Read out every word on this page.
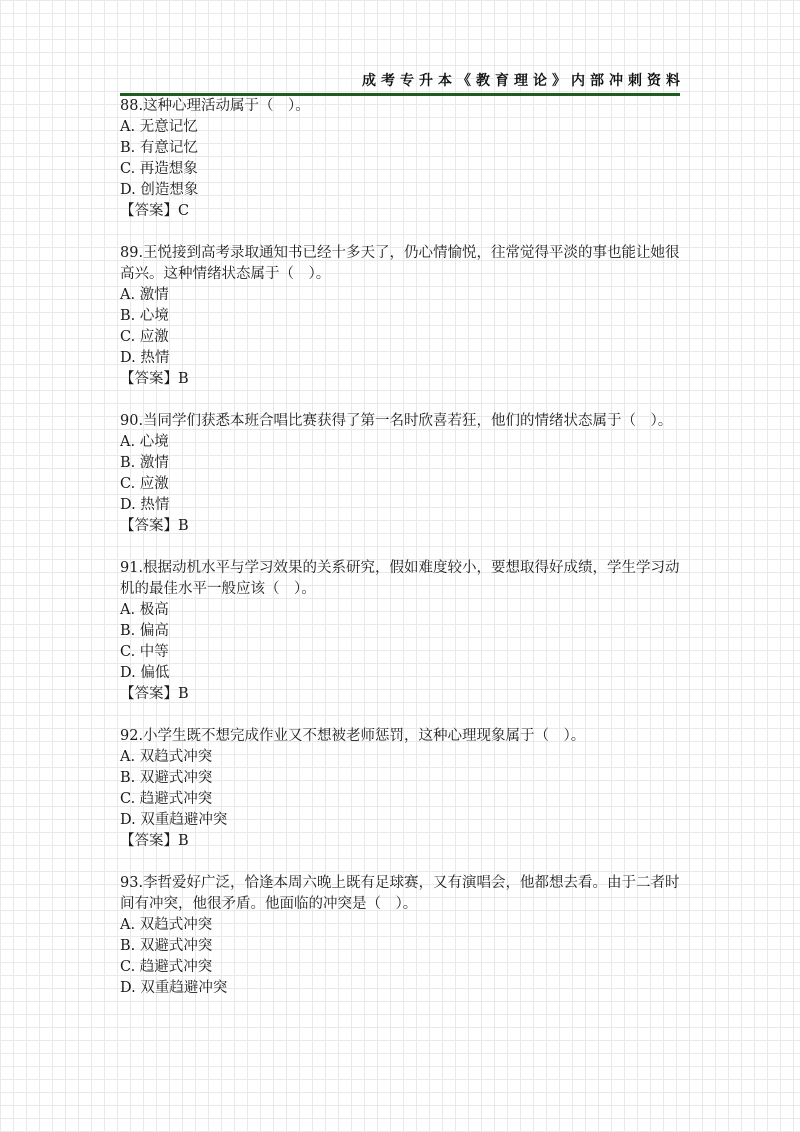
成考专升本《教育理论》内部冲刺资料
88.这种心理活动属于（　）。
A. 无意记忆
B. 有意记忆
C. 再造想象
D. 创造想象
【答案】C
89.王悦接到高考录取通知书已经十多天了，仍心情愉悦，往常觉得平淡的事也能让她很高兴。这种情绪状态属于（　）。
A. 激情
B. 心境
C. 应激
D. 热情
【答案】B
90.当同学们获悉本班合唱比赛获得了第一名时欣喜若狂，他们的情绪状态属于（　）。
A. 心境
B. 激情
C. 应激
D. 热情
【答案】B
91.根据动机水平与学习效果的关系研究，假如难度较小，要想取得好成绩，学生学习动机的最佳水平一般应该（　）。
A. 极高
B. 偏高
C. 中等
D. 偏低
【答案】B
92.小学生既不想完成作业又不想被老师惩罚，这种心理现象属于（　）。
A. 双趋式冲突
B. 双避式冲突
C. 趋避式冲突
D. 双重趋避冲突
【答案】B
93.李哲爱好广泛，恰逢本周六晚上既有足球赛，又有演唱会，他都想去看。由于二者时间有冲突，他很矛盾。他面临的冲突是（　）。
A. 双趋式冲突
B. 双避式冲突
C. 趋避式冲突
D. 双重趋避冲突
